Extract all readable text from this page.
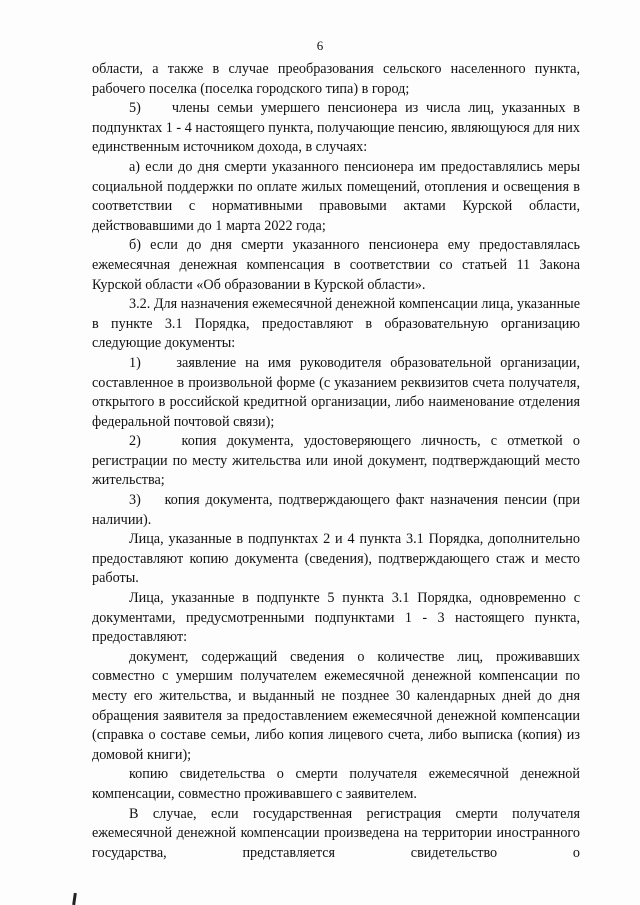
6

области, а также в случае преобразования сельского населенного пункта, рабочего поселка (поселка городского типа) в город;

5)    члены семьи умершего пенсионера из числа лиц, указанных в подпунктах 1 - 4 настоящего пункта, получающие пенсию, являющуюся для них единственным источником дохода, в случаях:

а) если до дня смерти указанного пенсионера им предоставлялись меры социальной поддержки по оплате жилых помещений, отопления и освещения в соответствии с нормативными правовыми актами Курской области, действовавшими до 1 марта 2022 года;

б) если до дня смерти указанного пенсионера ему предоставлялась ежемесячная денежная компенсация в соответствии со статьей 11 Закона Курской области «Об образовании в Курской области».

3.2. Для назначения ежемесячной денежной компенсации лица, указанные в пункте 3.1 Порядка, предоставляют в образовательную организацию следующие документы:

1)    заявление на имя руководителя образовательной организации, составленное в произвольной форме (с указанием реквизитов счета получателя, открытого в российской кредитной организации, либо наименование отделения федеральной почтовой связи);

2)    копия документа, удостоверяющего личность, с отметкой о регистрации по месту жительства или иной документ, подтверждающий место жительства;

3)    копия документа, подтверждающего факт назначения пенсии (при наличии).

Лица, указанные в подпунктах 2 и 4 пункта 3.1 Порядка, дополнительно предоставляют копию документа (сведения), подтверждающего стаж и место работы.

Лица, указанные в подпункте 5 пункта 3.1 Порядка, одновременно с документами, предусмотренными подпунктами 1 - 3 настоящего пункта, предоставляют:

документ, содержащий сведения о количестве лиц, проживавших совместно с умершим получателем ежемесячной денежной компенсации по месту его жительства, и выданный не позднее 30 календарных дней до дня обращения заявителя за предоставлением ежемесячной денежной компенсации (справка о составе семьи, либо копия лицевого счета, либо выписка (копия) из домовой книги);

копию свидетельства о смерти получателя ежемесячной денежной компенсации, совместно проживавшего с заявителем.

В случае, если государственная регистрация смерти получателя ежемесячной денежной компенсации произведена на территории иностранного государства, представляется свидетельство о
